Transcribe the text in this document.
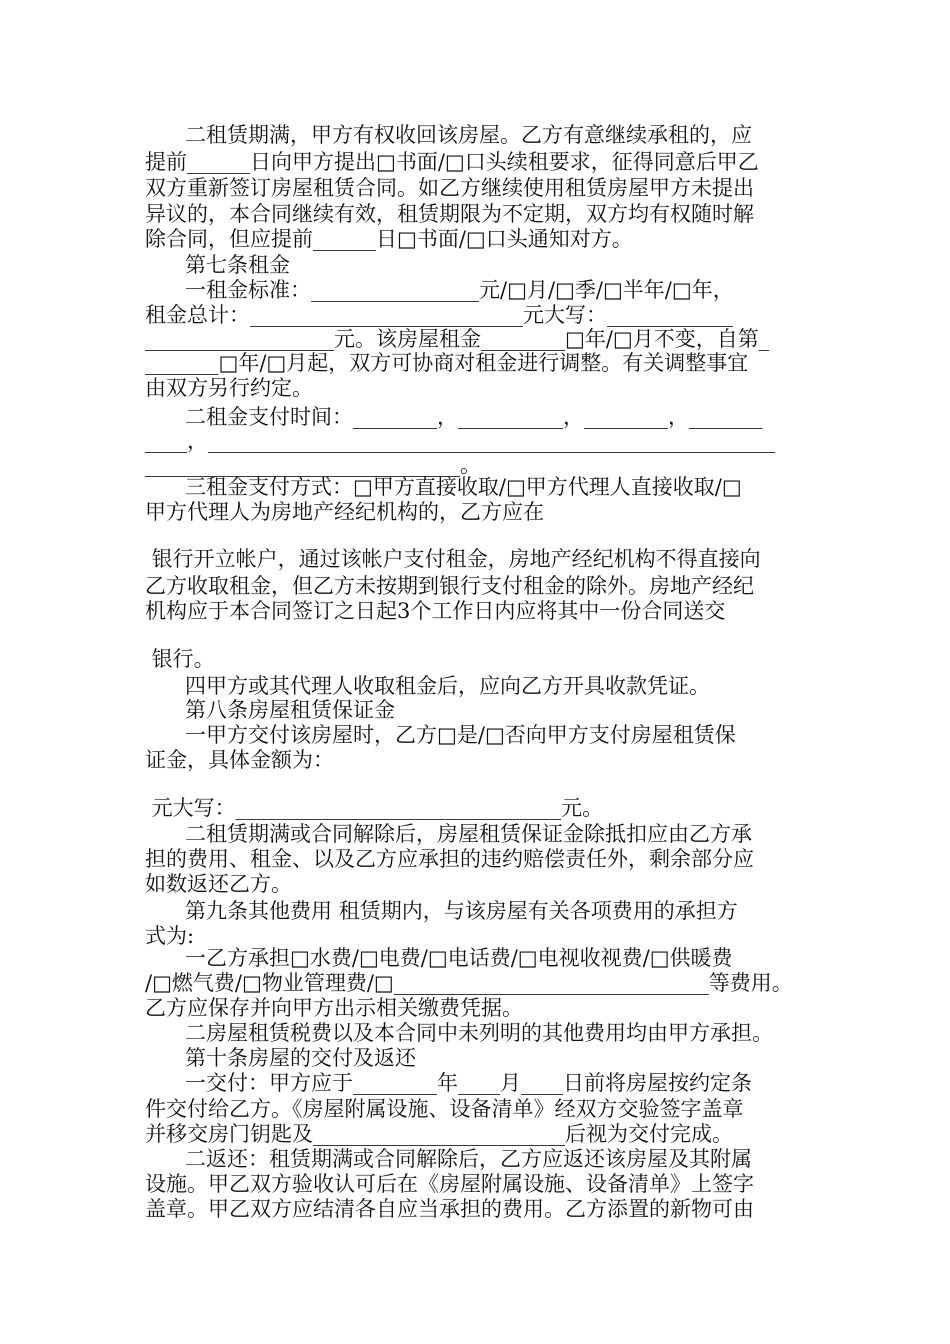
二租赁期满，甲方有权收回该房屋。乙方有意继续承租的，应
提前______日向甲方提出□书面/□口头续租要求，征得同意后甲乙
双方重新签订房屋租赁合同。如乙方继续使用租赁房屋甲方未提出
异议的，本合同继续有效，租赁期限为不定期，双方均有权随时解
除合同，但应提前______日□书面/□口头通知对方。
第七条租金
一租金标准：________________元/□月/□季/□半年/□年，
租金总计：__________________________元大写：____________
__________________元。该房屋租金________□年/□月不变，自第_
_______□年/□月起，双方可协商对租金进行调整。有关调整事宜
由双方另行约定。
二租金支付时间：________，__________，________，_______
____，______________________________________________________
______________________________。
三租金支付方式：□甲方直接收取/□甲方代理人直接收取/□
甲方代理人为房地产经纪机构的，乙方应在
银行开立帐户，通过该帐户支付租金，房地产经纪机构不得直接向
乙方收取租金，但乙方未按期到银行支付租金的除外。房地产经纪
机构应于本合同签订之日起3个工作日内应将其中一份合同送交
银行。
四甲方或其代理人收取租金后，应向乙方开具收款凭证。
第八条房屋租赁保证金
一甲方交付该房屋时，乙方□是/□否向甲方支付房屋租赁保
证金，具体金额为：
元大写：_______________________________元。
二租赁期满或合同解除后，房屋租赁保证金除抵扣应由乙方承
担的费用、租金、以及乙方应承担的违约赔偿责任外，剩余部分应
如数返还乙方。
第九条其他费用 租赁期内，与该房屋有关各项费用的承担方
式为:
一乙方承担□水费/□电费/□电话费/□电视收视费/□供暖费
/□燃气费/□物业管理费/□______________________________等费用。
乙方应保存并向甲方出示相关缴费凭据。
二房屋租赁税费以及本合同中未列明的其他费用均由甲方承担。
第十条房屋的交付及返还
一交付：甲方应于________年____月____日前将房屋按约定条
件交付给乙方。《房屋附属设施、设备清单》经双方交验签字盖章
并移交房门钥匙及________________________后视为交付完成。
二返还：租赁期满或合同解除后，乙方应返还该房屋及其附属
设施。甲乙双方验收认可后在《房屋附属设施、设备清单》上签字
盖章。甲乙双方应结清各自应当承担的费用。乙方添置的新物可由
